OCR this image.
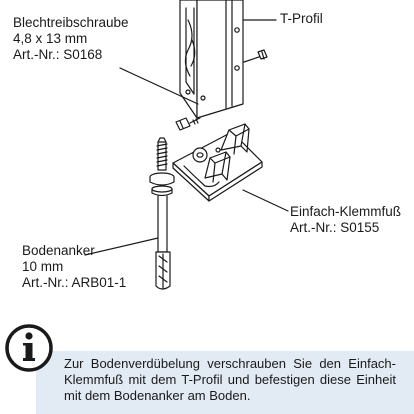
Blechtreibschraube
4,8 x 13 mm
Art.-Nr.: S0168
T-Profil
Einfach-Klemmfuß
Art.-Nr.: S0155
Bodenanker
10 mm
Art.-Nr.: ARB01-1
Zur Bodenverdübelung verschrauben Sie den Einfach-Klemmfuß mit dem T-Profil und befestigen diese Einheit mit dem Bodenanker am Boden.
